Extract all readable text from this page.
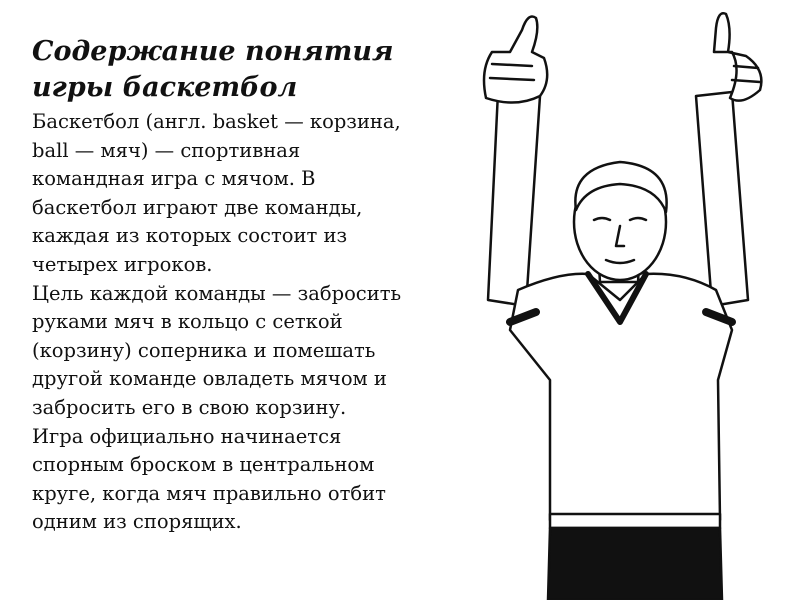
Содержание понятия
игры баскетбол

Баскетбол (англ. basket — корзина,
ball — мяч) — спортивная
командная игра с мячом. В
баскетбол играют две команды,
каждая из которых состоит из
четырех игроков.
Цель каждой команды — забросить
руками мяч в кольцо с сеткой
(корзину) соперника и помешать
другой команде овладеть мячом и
забросить его в свою корзину.
Игра официально начинается
спорным броском в центральном
круге, когда мяч правильно отбит
одним из спорящих.
